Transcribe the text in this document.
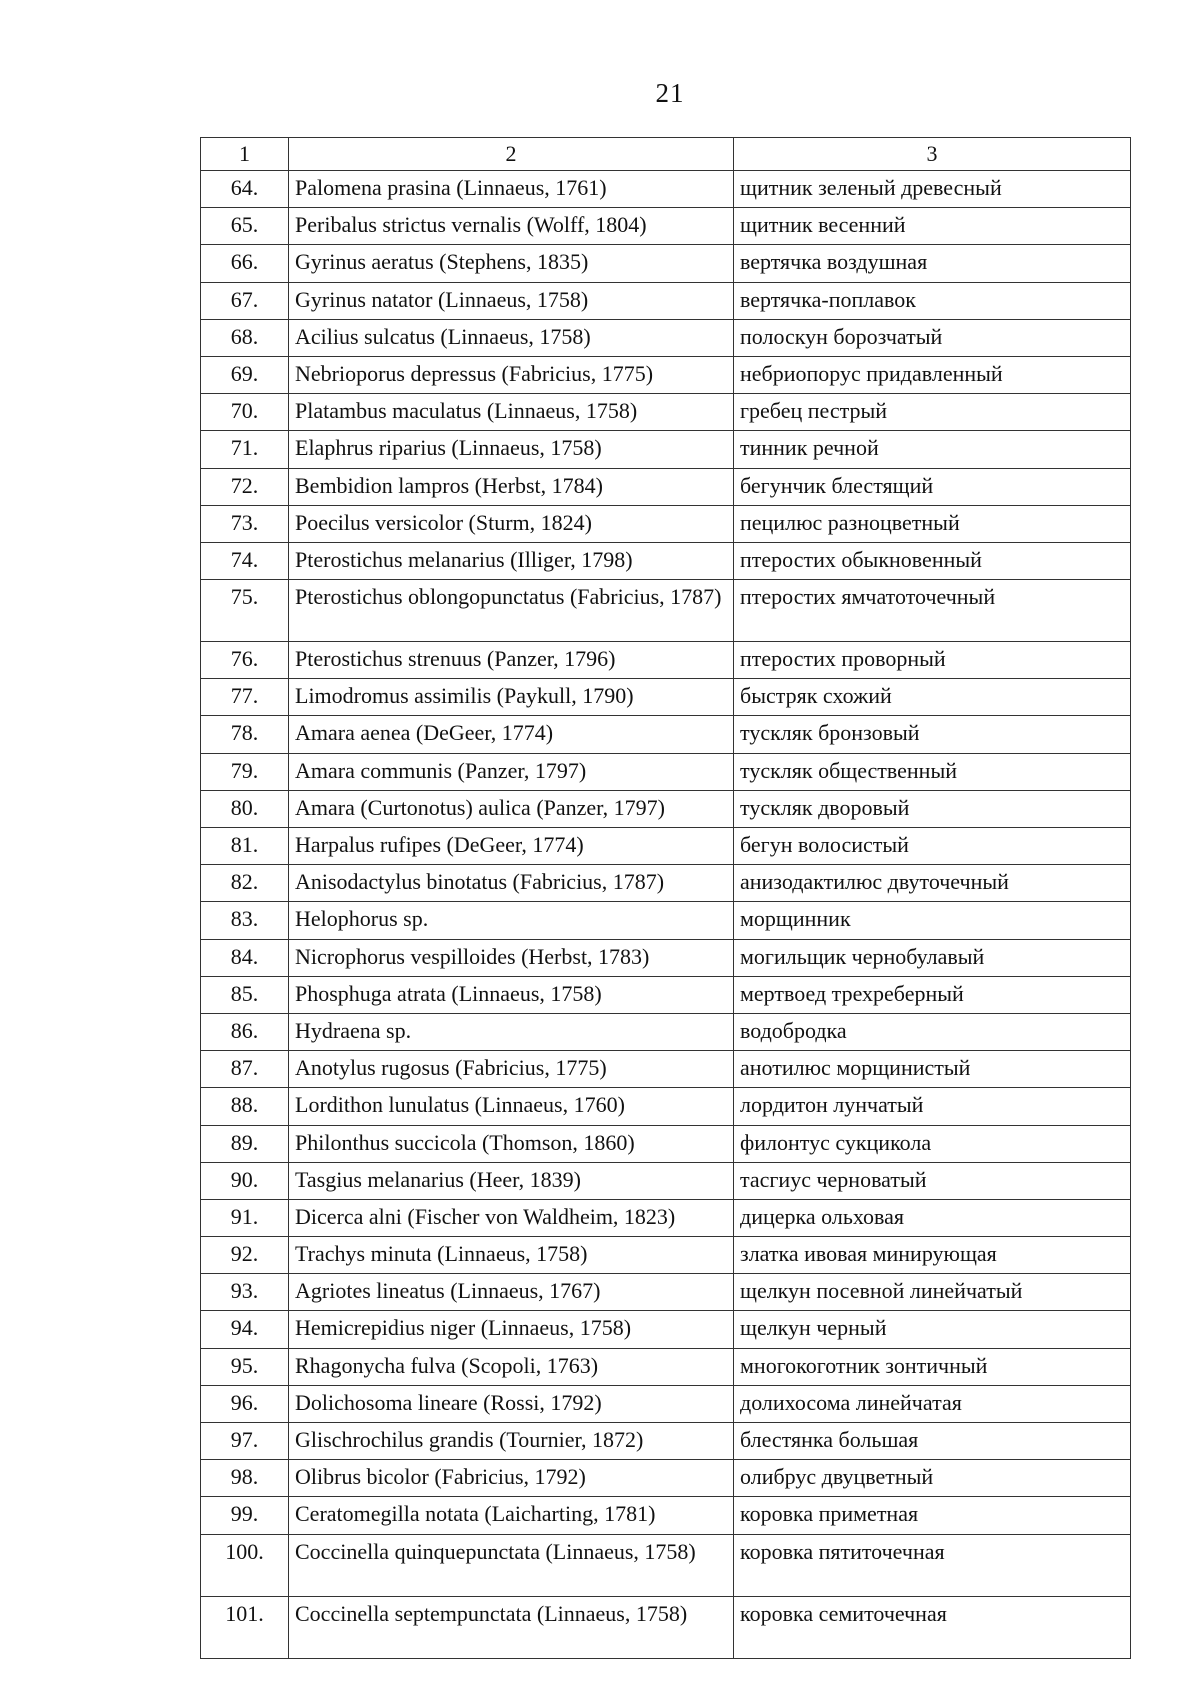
21
1	2	3
64.	Palomena prasina (Linnaeus, 1761)	щитник зеленый древесный
65.	Peribalus strictus vernalis (Wolff, 1804)	щитник весенний
66.	Gyrinus aeratus (Stephens, 1835)	вертячка воздушная
67.	Gyrinus natator (Linnaeus, 1758)	вертячка-поплавок
68.	Acilius sulcatus (Linnaeus, 1758)	полоскун борозчатый
69.	Nebrioporus depressus (Fabricius, 1775)	небриопорус придавленный
70.	Platambus maculatus (Linnaeus, 1758)	гребец пестрый
71.	Elaphrus riparius (Linnaeus, 1758)	тинник речной
72.	Bembidion lampros (Herbst, 1784)	бегунчик блестящий
73.	Poecilus versicolor (Sturm, 1824)	пецилюс разноцветный
74.	Pterostichus melanarius (Illiger, 1798)	птеростих обыкновенный
75.	Pterostichus oblongopunctatus (Fabricius, 1787)	птеростих ямчатоточечный
76.	Pterostichus strenuus (Panzer, 1796)	птеростих проворный
77.	Limodromus assimilis (Paykull, 1790)	быстряк схожий
78.	Amara aenea (DeGeer, 1774)	тускляк бронзовый
79.	Amara communis (Panzer, 1797)	тускляк общественный
80.	Amara (Curtonotus) aulica (Panzer, 1797)	тускляк дворовый
81.	Harpalus rufipes (DeGeer, 1774)	бегун волосистый
82.	Anisodactylus binotatus (Fabricius, 1787)	анизодактилюс двуточечный
83.	Helophorus sp.	морщинник
84.	Nicrophorus vespilloides (Herbst, 1783)	могильщик чернобулавый
85.	Phosphuga atrata (Linnaeus, 1758)	мертвоед трехреберный
86.	Hydraena sp.	водобродка
87.	Anotylus rugosus (Fabricius, 1775)	анотилюс морщинистый
88.	Lordithon lunulatus (Linnaeus, 1760)	лордитон лунчатый
89.	Philonthus succicola (Thomson, 1860)	филонтус сукцикола
90.	Tasgius melanarius (Heer, 1839)	тасгиус черноватый
91.	Dicerca alni (Fischer von Waldheim, 1823)	дицерка ольховая
92.	Trachys minuta (Linnaeus, 1758)	златка ивовая минирующая
93.	Agriotes lineatus (Linnaeus, 1767)	щелкун посевной линейчатый
94.	Hemicrepidius niger (Linnaeus, 1758)	щелкун черный
95.	Rhagonycha fulva (Scopoli, 1763)	многокоготник зонтичный
96.	Dolichosoma lineare (Rossi, 1792)	долихосома линейчатая
97.	Glischrochilus grandis (Tournier, 1872)	блестянка большая
98.	Olibrus bicolor (Fabricius, 1792)	олибрус двуцветный
99.	Ceratomegilla notata (Laicharting, 1781)	коровка приметная
100.	Coccinella quinquepunctata (Linnaeus, 1758)	коровка пятиточечная
101.	Coccinella septempunctata (Linnaeus, 1758)	коровка семиточечная
